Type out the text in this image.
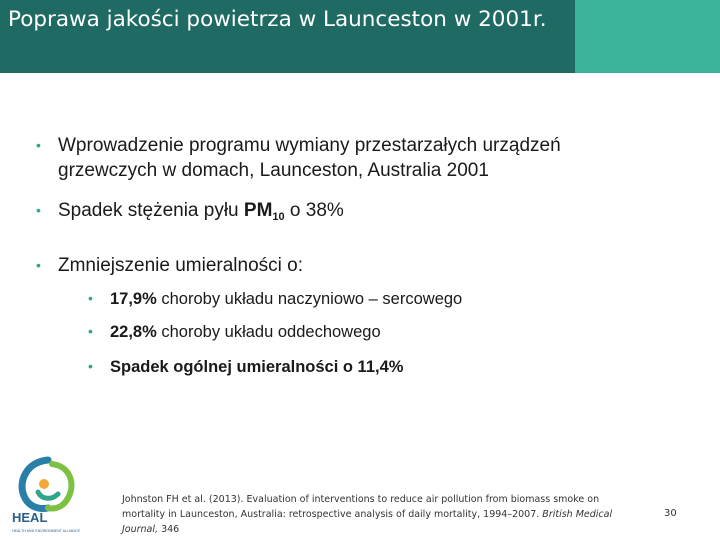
Poprawa jakości powietrza w Launceston w 2001r.
• Wprowadzenie programu wymiany przestarzałych urządzeń
grzewczych w domach, Launceston, Australia 2001
• Spadek stężenia pyłu $PM_{10}$ o 38%
• Zmniejszenie umieralności o:
• 17,9% choroby układu naczyniowo – sercowego
• 22,8% choroby układu oddechowego
• Spadek ogólnej umieralności o 11,4%
HEAL
HEALTH AND ENVIRONMENT ALLIANCE
Johnston FH et al. (2013). Evaluation of interventions to reduce air pollution from biomass smoke on mortality in Launceston, Australia: retrospective analysis of daily mortality, 1994–2007. British Medical Journal, 346
30
